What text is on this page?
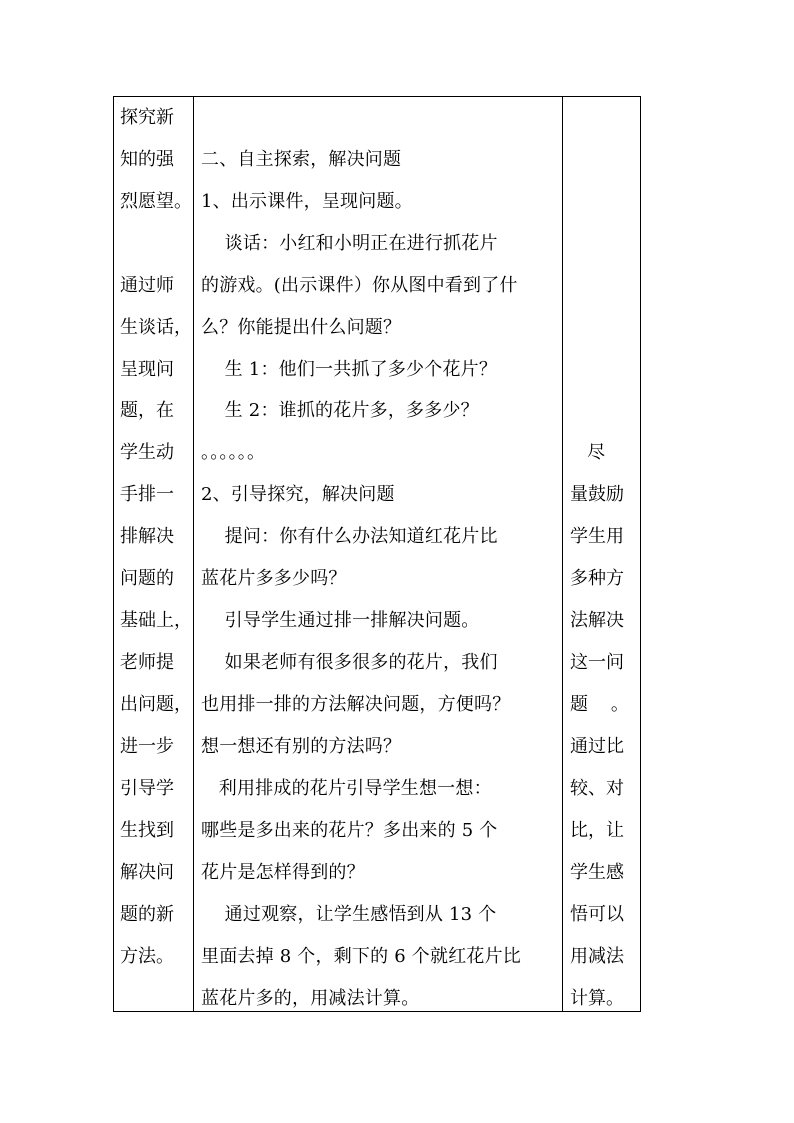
探究新
知的强
烈愿望。
通过师
生谈话，
呈现问
题，在
学生动
手排一
排解决
问题的
基础上，
老师提
出问题，
进一步
引导学
生找到
解决问
题的新
方法。
二、自主探索，解决问题
1、出示课件，呈现问题。
谈话：小红和小明正在进行抓花片
的游戏。(出示课件）你从图中看到了什
么？你能提出什么问题？
生 1：他们一共抓了多少个花片？
生 2：谁抓的花片多，多多少？
。。。。。。
2、引导探究，解决问题
提问：你有什么办法知道红花片比
蓝花片多多少吗？
引导学生通过排一排解决问题。
如果老师有很多很多的花片，我们
也用排一排的方法解决问题，方便吗？
想一想还有别的方法吗？
利用排成的花片引导学生想一想：
哪些是多出来的花片？多出来的 5 个
花片是怎样得到的？
通过观察，让学生感悟到从 13 个
里面去掉 8 个，剩下的 6 个就红花片比
蓝花片多的，用减法计算。
尽
量鼓励
学生用
多种方
法解决
这一问
题    。
通过比
较、对
比，让
学生感
悟可以
用减法
计算。
